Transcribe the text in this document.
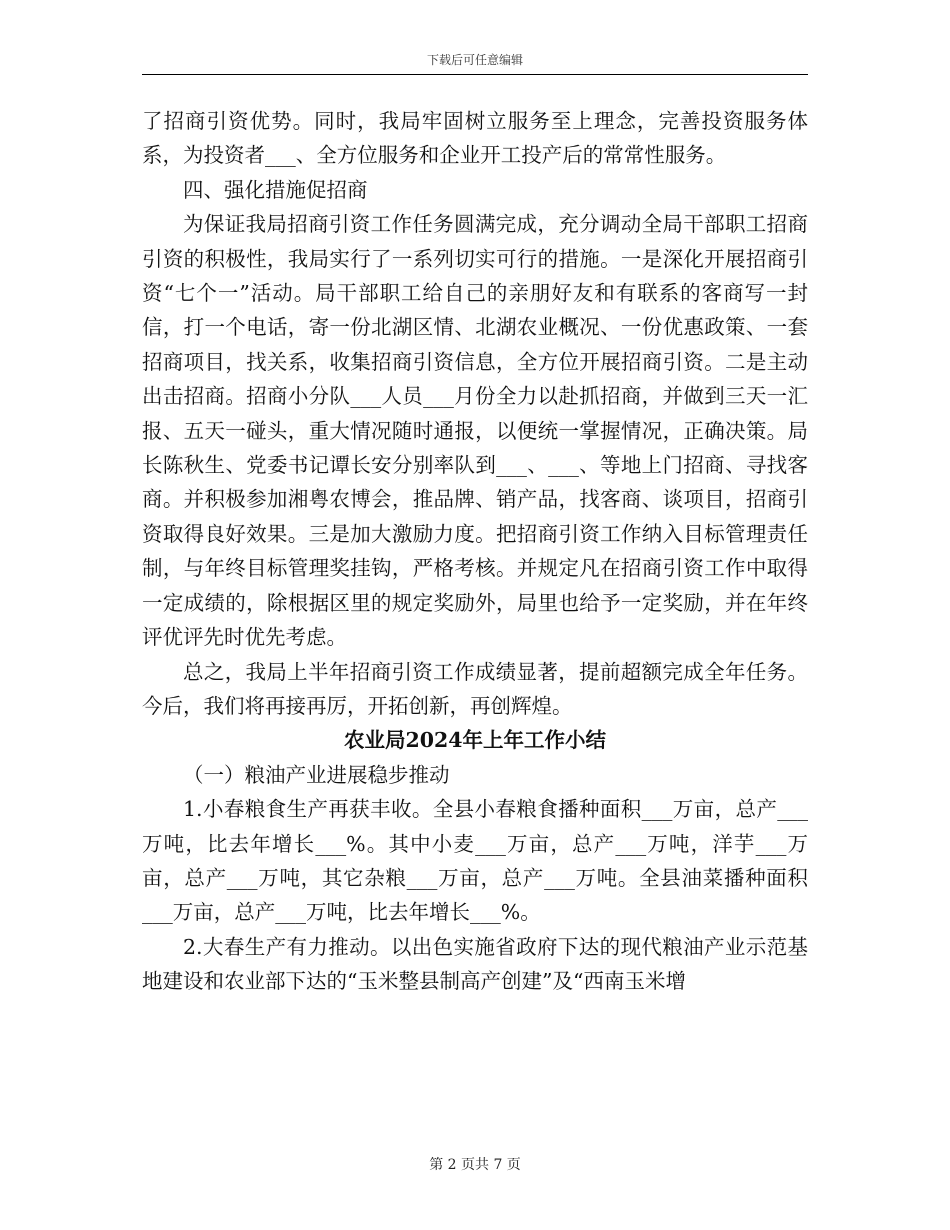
下载后可任意编辑

了招商引资优势。同时，我局牢固树立服务至上理念，完善投资服务体系，为投资者___、全方位服务和企业开工投产后的常常性服务。

四、强化措施促招商

为保证我局招商引资工作任务圆满完成，充分调动全局干部职工招商引资的积极性，我局实行了一系列切实可行的措施。一是深化开展招商引资“七个一”活动。局干部职工给自己的亲朋好友和有联系的客商写一封信，打一个电话，寄一份北湖区情、北湖农业概况、一份优惠政策、一套招商项目，找关系，收集招商引资信息，全方位开展招商引资。二是主动出击招商。招商小分队___人员___月份全力以赴抓招商，并做到三天一汇报、五天一碰头，重大情况随时通报，以便统一掌握情况，正确决策。局长陈秋生、党委书记谭长安分别率队到___、___、等地上门招商、寻找客商。并积极参加湘粤农博会，推品牌、销产品，找客商、谈项目，招商引资取得良好效果。三是加大激励力度。把招商引资工作纳入目标管理责任制，与年终目标管理奖挂钩，严格考核。并规定凡在招商引资工作中取得一定成绩的，除根据区里的规定奖励外，局里也给予一定奖励，并在年终评优评先时优先考虑。

总之，我局上半年招商引资工作成绩显著，提前超额完成全年任务。今后，我们将再接再厉，开拓创新，再创辉煌。

农业局2024年上年工作小结

（一）粮油产业进展稳步推动

1.小春粮食生产再获丰收。全县小春粮食播种面积___万亩，总产___万吨，比去年增长___%。其中小麦___万亩，总产___万吨，洋芋___万亩，总产___万吨，其它杂粮___万亩，总产___万吨。全县油菜播种面积___万亩，总产___万吨，比去年增长___%。

2.大春生产有力推动。以出色实施省政府下达的现代粮油产业示范基地建设和农业部下达的“玉米整县制高产创建”及“西南玉米增

第 2 页共 7 页
